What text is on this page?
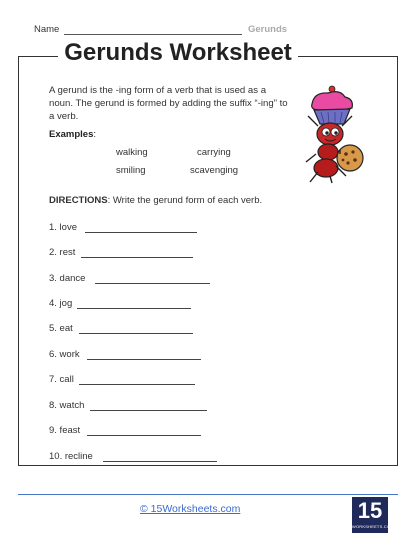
Name	Gerunds
Gerunds Worksheet
A gerund is the -ing form of a verb that is used as a noun. The gerund is formed by adding the suffix “-ing” to a verb.
Examples:
walking	carrying
smiling	scavenging
DIRECTIONS: Write the gerund form of each verb.
1. love
2. rest
3. dance
4. jog
5. eat
6. work
7. call
8. watch
9. feast
10. recline
© 15Worksheets.com	15
WORKSHEETS.COM
